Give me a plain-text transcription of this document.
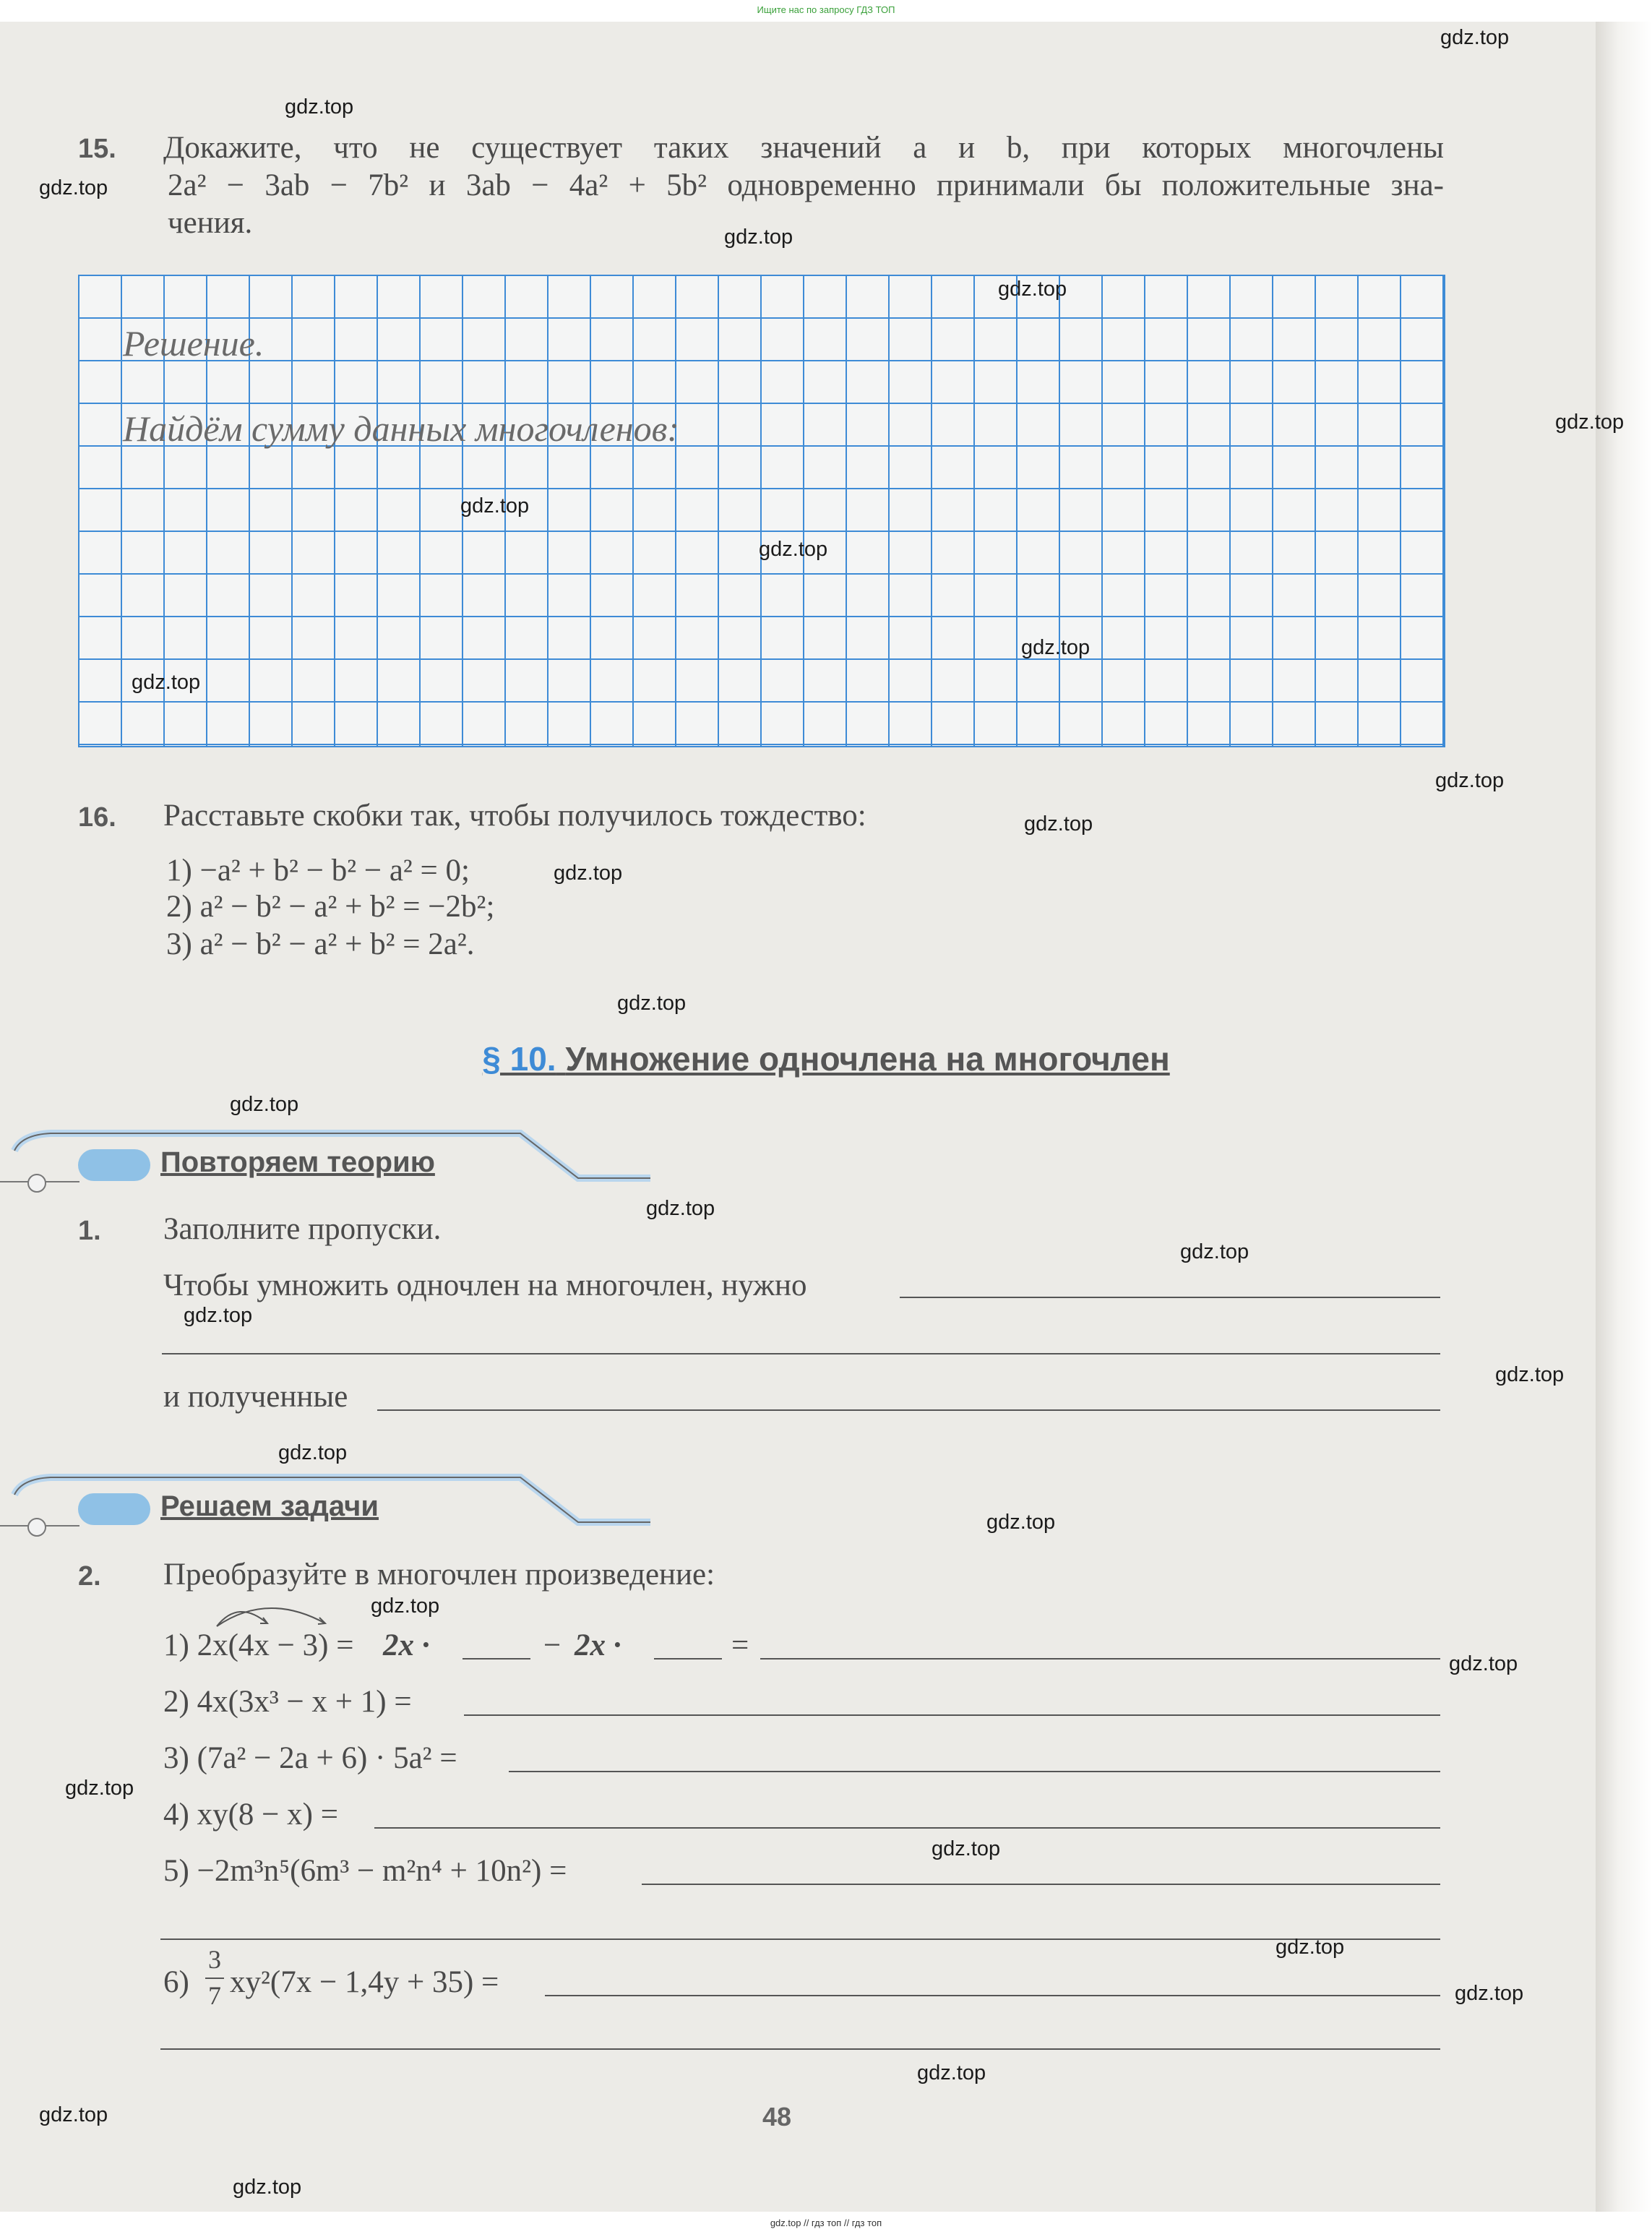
Ищите нас по запросу ГДЗ ТОП
15. Докажите, что не существует таких значений a и b, при которых многочлены
2a² − 3ab − 7b² и 3ab − 4a² + 5b² одновременно принимали бы положительные зна-
чения.
Решение.
Найдём сумму данных многочленов:
16. Расставьте скобки так, чтобы получилось тождество:
1) −a² + b² − b² − a² = 0;
2) a² − b² − a² + b² = −2b²;
3) a² − b² − a² + b² = 2a².
§ 10. Умножение одночлена на многочлен
Повторяем теорию
1. Заполните пропуски.
Чтобы умножить одночлен на многочлен, нужно
и полученные
Решаем задачи
2. Преобразуйте в многочлен произведение:
1) 2x(4x − 3) = 2x ·	− 2x ·	=
2) 4x(3x³ − x + 1) =
3) (7a² − 2a + 6) · 5a² =
4) xy(8 − x) =
5) −2m³n⁵(6m³ − m²n⁴ + 10n²) =
6)
3
7 xy²(7x − 1,4y + 35) =
48
gdz.top
gdz.top
gdz.top
gdz.top
gdz.top
gdz.top
gdz.top
gdz.top
gdz.top
gdz.top
gdz.top
gdz.top
gdz.top
gdz.top
gdz.top
gdz.top
gdz.top
gdz.top
gdz.top
gdz.top
gdz.top
gdz.top
gdz.top
gdz.top
gdz.top
gdz.top
gdz.top
gdz.top
gdz.top
gdz.top
gdz.top // гдз топ // гдз топ
